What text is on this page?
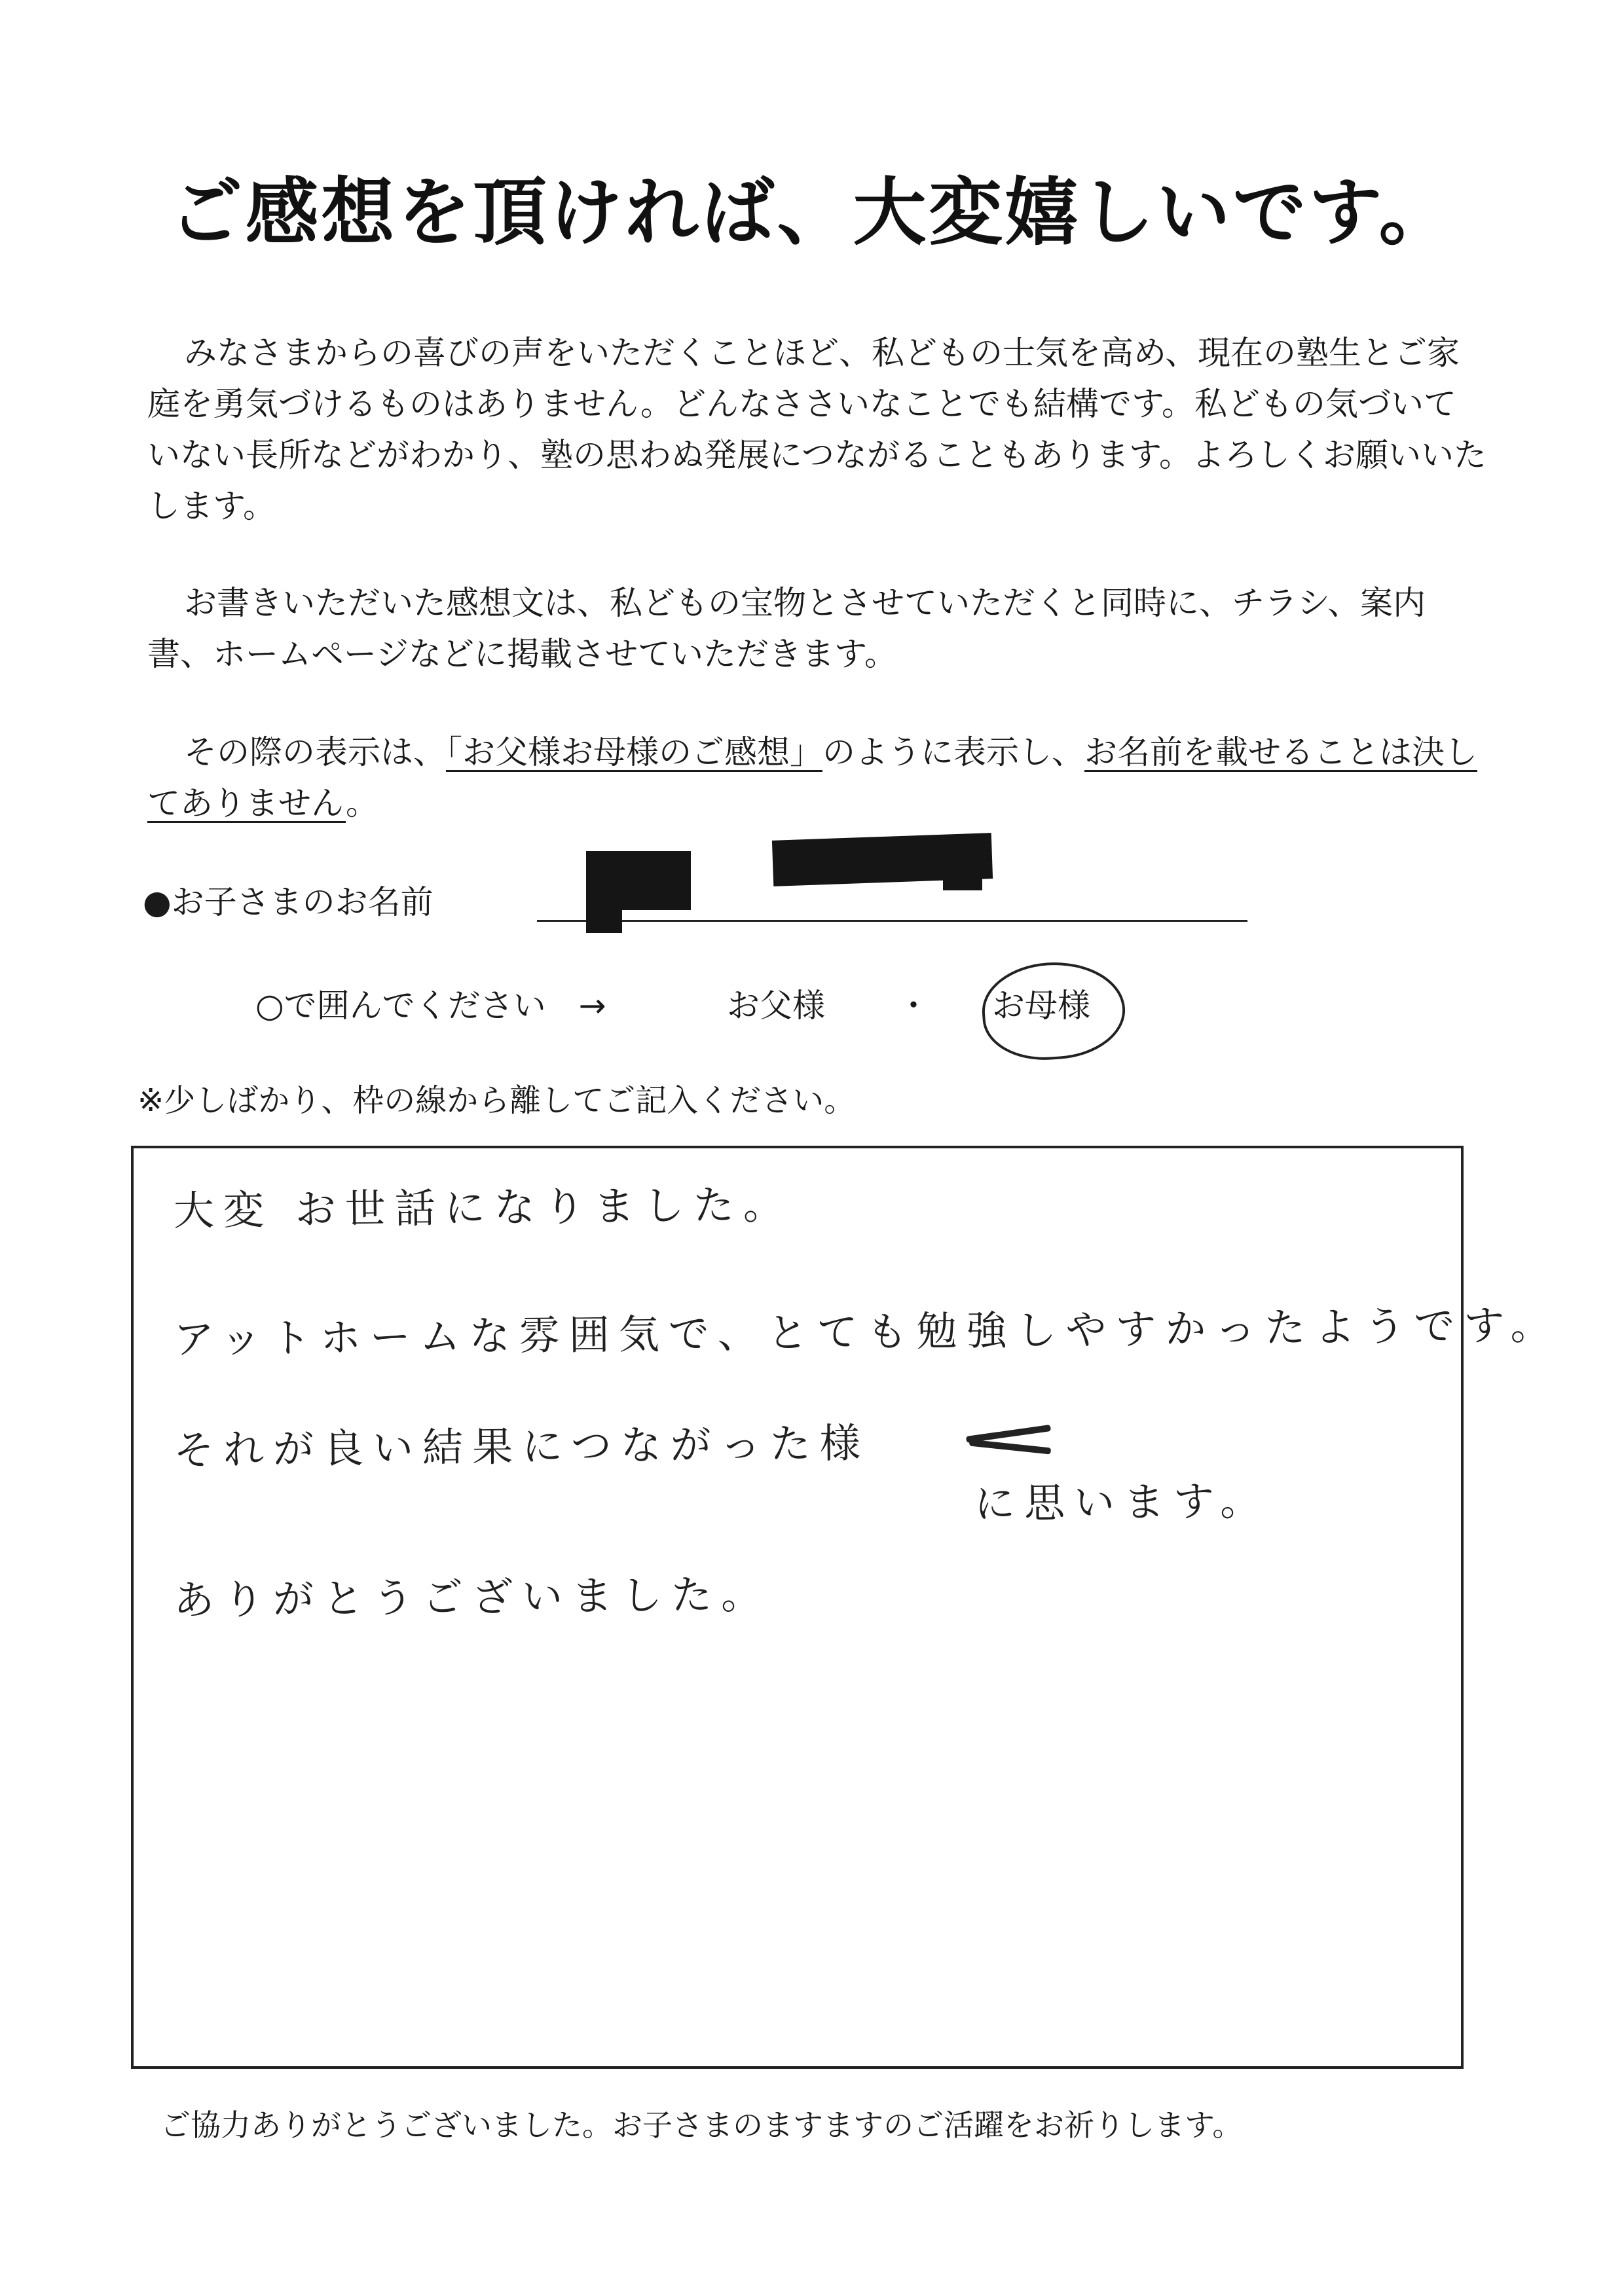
ご感想を頂ければ、大変嬉しいです。

みなさまからの喜びの声をいただくことほど、私どもの士気を高め、現在の塾生とご家庭を勇気づけるものはありません。どんなささいなことでも結構です。私どもの気づいていない長所などがわかり、塾の思わぬ発展につながることもあります。よろしくお願いいたします。

お書きいただいた感想文は、私どもの宝物とさせていただくと同時に、チラシ、案内書、ホームページなどに掲載させていただきます。

その際の表示は、「お父様お母様のご感想」のように表示し、お名前を載せることは決してありません。

●お子さまのお名前
○で囲んでください　→	お父様 ・ お母様
※少しばかり、枠の線から離してご記入ください。
大変 お世話になりました。
アットホームな雰囲気で、とても勉強しやすかったようです。
それが良い結果につながった様
に思います。
ありがとうございました。
ご協力ありがとうございました。お子さまのますますのご活躍をお祈りします。
